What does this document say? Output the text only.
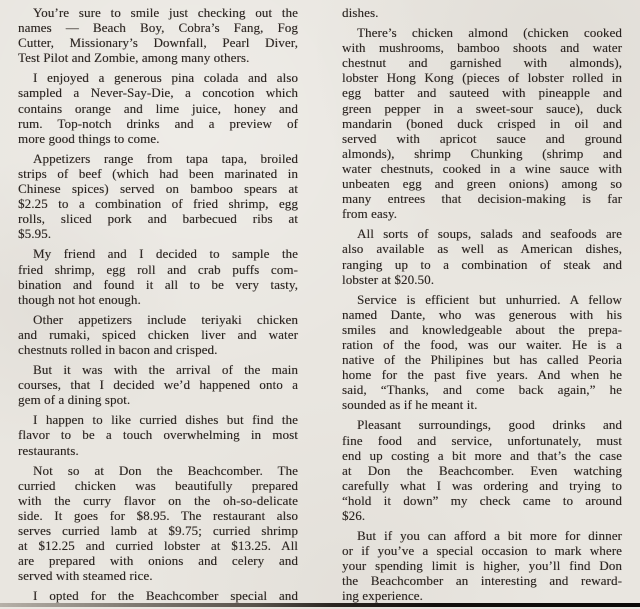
You’re sure to smile just checking out the
names — Beach Boy, Cobra’s Fang, Fog
Cutter, Missionary’s Downfall, Pearl Diver,
Test Pilot and Zombie, among many others.
I enjoyed a generous pina colada and also
sampled a Never-Say-Die, a concotion which
contains orange and lime juice, honey and
rum. Top-notch drinks and a preview of
more good things to come.
Appetizers range from tapa tapa, broiled
strips of beef (which had been marinated in
Chinese spices) served on bamboo spears at
$2.25 to a combination of fried shrimp, egg
rolls, sliced pork and barbecued ribs at
$5.95.
My friend and I decided to sample the
fried shrimp, egg roll and crab puffs com-
bination and found it all to be very tasty,
though not hot enough.
Other appetizers include teriyaki chicken
and rumaki, spiced chicken liver and water
chestnuts rolled in bacon and crisped.
But it was with the arrival of the main
courses, that I decided we’d happened onto a
gem of a dining spot.
I happen to like curried dishes but find the
flavor to be a touch overwhelming in most
restaurants.
Not so at Don the Beachcomber. The
curried chicken was beautifully prepared
with the curry flavor on the oh-so-delicate
side. It goes for $8.95. The restaurant also
serves curried lamb at $9.75; curried shrimp
at $12.25 and curried lobster at $13.25. All
are prepared with onions and celery and
served with steamed rice.
I opted for the Beachcomber special and
dishes.
There’s chicken almond (chicken cooked
with mushrooms, bamboo shoots and water
chestnut and garnished with almonds),
lobster Hong Kong (pieces of lobster rolled in
egg batter and sauteed with pineapple and
green pepper in a sweet-sour sauce), duck
mandarin (boned duck crisped in oil and
served with apricot sauce and ground
almonds), shrimp Chunking (shrimp and
water chestnuts, cooked in a wine sauce with
unbeaten egg and green onions) among so
many entrees that decision-making is far
from easy.
All sorts of soups, salads and seafoods are
also available as well as American dishes,
ranging up to a combination of steak and
lobster at $20.50.
Service is efficient but unhurried. A fellow
named Dante, who was generous with his
smiles and knowledgeable about the prepa-
ration of the food, was our waiter. He is a
native of the Philipines but has called Peoria
home for the past five years. And when he
said, “Thanks, and come back again,” he
sounded as if he meant it.
Pleasant surroundings, good drinks and
fine food and service, unfortunately, must
end up costing a bit more and that’s the case
at Don the Beachcomber. Even watching
carefully what I was ordering and trying to
“hold it down” my check came to around
$26.
But if you can afford a bit more for dinner
or if you’ve a special occasion to mark where
your spending limit is higher, you’ll find Don
the Beachcomber an interesting and reward-
ing experience.
